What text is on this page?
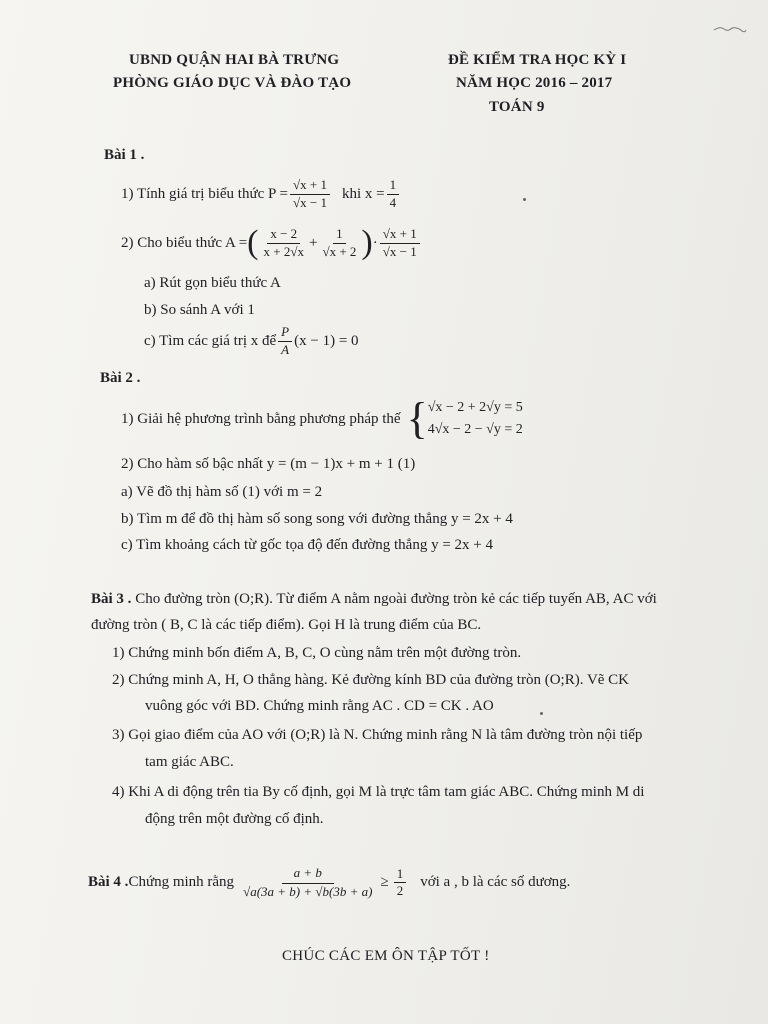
UBND QUẬN HAI BÀ TRƯNG
PHÒNG GIÁO DỤC VÀ ĐÀO TẠO
ĐỀ KIỂM TRA HỌC KỲ I
NĂM HỌC 2016 – 2017
TOÁN 9
Bài 1 .
1) Tính giá trị biểu thức $P = \frac{√x + 1}{√x - 1}$ khi $x = \frac{1}{4}$
2) Cho biểu thức A = ( $\frac{x - 2}{x + 2√x} + \frac{1}{√x + 2}$ ) · $\frac{√x + 1}{√x - 1}$
a) Rút gọn biểu thức A
b) So sánh A với 1
c) Tìm các giá trị x để $\frac{P}{A} (x - 1) = 0$
Bài 2 .
1) Giải hệ phương trình bằng phương pháp thế { √x − 2 + 2√y = 5
4√x − 2 − √y = 2
2) Cho hàm số bậc nhất y = (m − 1)x + m + 1 (1)
a) Vẽ đồ thị hàm số (1) với m = 2
b) Tìm m để đồ thị hàm số song song với đường thẳng y = 2x + 4
c) Tìm khoảng cách từ gốc tọa độ đến đường thẳng y = 2x + 4
Bài 3 . Cho đường tròn (O;R). Từ điểm A nằm ngoài đường tròn kẻ các tiếp tuyến AB, AC với
đường tròn ( B, C là các tiếp điểm). Gọi H là trung điểm của BC.
1) Chứng minh bốn điểm A, B, C, O cùng nằm trên một đường tròn.
2) Chứng minh A, H, O thẳng hàng. Kẻ đường kính BD của đường tròn (O;R). Vẽ CK
vuông góc với BD. Chứng minh rằng AC . CD = CK . AO
3) Gọi giao điểm của AO với (O;R) là N. Chứng minh rằng N là tâm đường tròn nội tiếp
tam giác ABC.
4) Khi A di động trên tia By cố định, gọi M là trực tâm tam giác ABC. Chứng minh M di
động trên một đường cố định.
Bài 4 . Chứng minh rằng $\frac{a + b}{√a(3a + b) + √b(3b + a)} \ge \frac{1}{2}$ với a , b là các số dương.
CHÚC CÁC EM ÔN TẬP TỐT !
